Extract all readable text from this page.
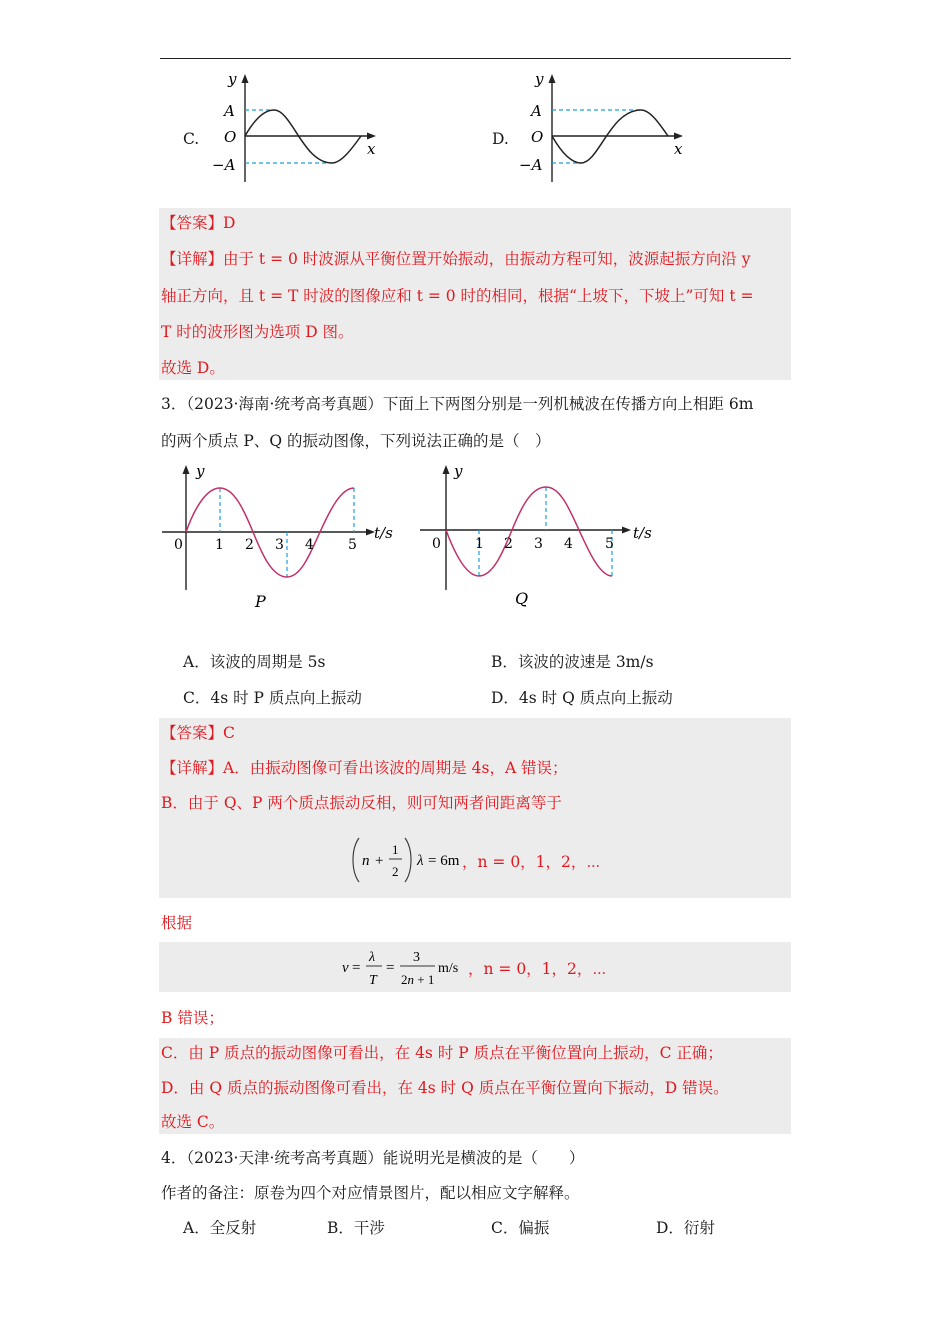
C.
y
A
O
−A
x
D.
y
A
O
−A
x
【答案】D
【详解】由于 t = 0 时波源从平衡位置开始振动，由振动方程可知，波源起振方向沿 y
轴正方向，且 t = T 时波的图像应和 t = 0 时的相同，根据“上坡下，下坡上”可知 t =
T 时的波形图为选项 D 图。
故选 D。
3．（2023·海南·统考高考真题）下面上下两图分别是一列机械波在传播方向上相距 6m
的两个质点 P、Q 的振动图像，下列说法正确的是（　）
y
t/s
0 1 2 3 4 5
P
y
t/s
0 1 2 3 4 5
Q
A．该波的周期是 5s	B．该波的波速是 3m/s
C．4s 时 P 质点向上振动	D．4s 时 Q 质点向上振动
【答案】C
【详解】A．由振动图像可看出该波的周期是 4s，A 错误；
B．由于 Q、P 两个质点振动反相，则可知两者间距离等于
n +
1
2
λ = 6m ，n = 0，1，2，⋯
根据
v =
λ
T
=
3
2n + 1
m/s ，n = 0，1，2，⋯
B 错误；
C．由 P 质点的振动图像可看出，在 4s 时 P 质点在平衡位置向上振动，C 正确；
D．由 Q 质点的振动图像可看出，在 4s 时 Q 质点在平衡位置向下振动，D 错误。
故选 C。
4．（2023·天津·统考高考真题）能说明光是横波的是（　　）
作者的备注：原卷为四个对应情景图片，配以相应文字解释。
A．全反射	B．干涉	C．偏振	D．衍射
